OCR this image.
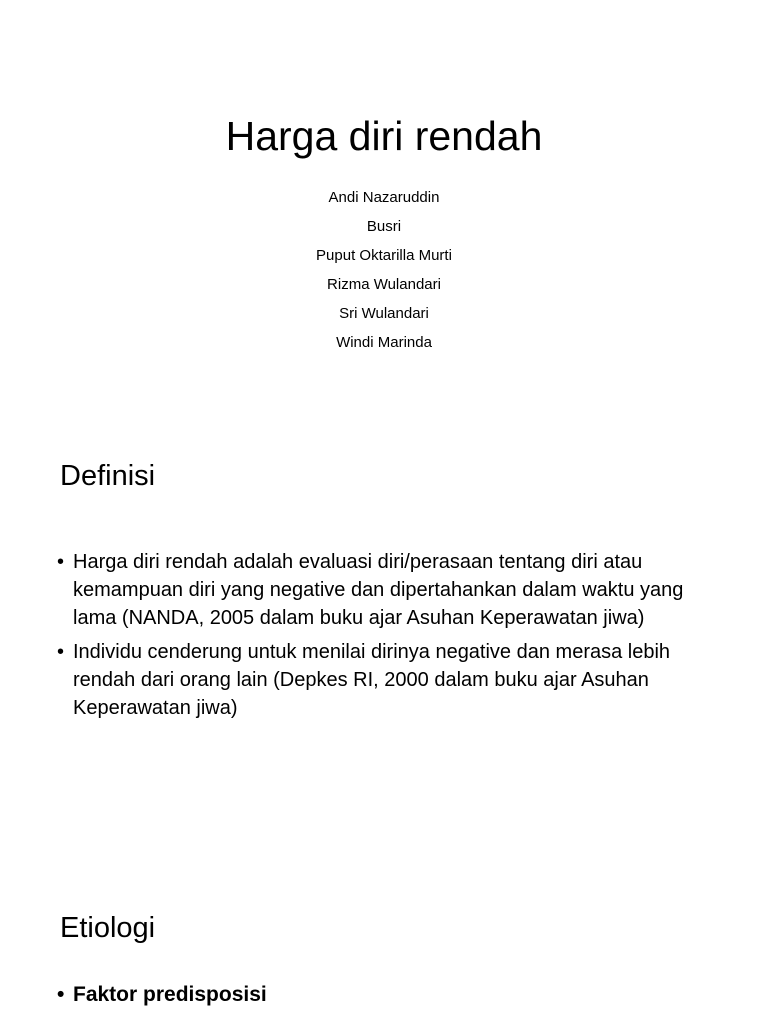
Harga diri rendah
Andi Nazaruddin
Busri
Puput Oktarilla Murti
Rizma Wulandari
Sri Wulandari
Windi Marinda
Definisi
• Harga diri rendah adalah evaluasi diri/perasaan tentang diri atau kemampuan diri yang negative dan dipertahankan dalam waktu yang lama (NANDA, 2005 dalam buku ajar Asuhan Keperawatan jiwa)
• Individu cenderung untuk menilai dirinya negative dan merasa lebih rendah dari orang lain (Depkes RI, 2000 dalam buku ajar Asuhan Keperawatan jiwa)
Etiologi
• Faktor predisposisi
